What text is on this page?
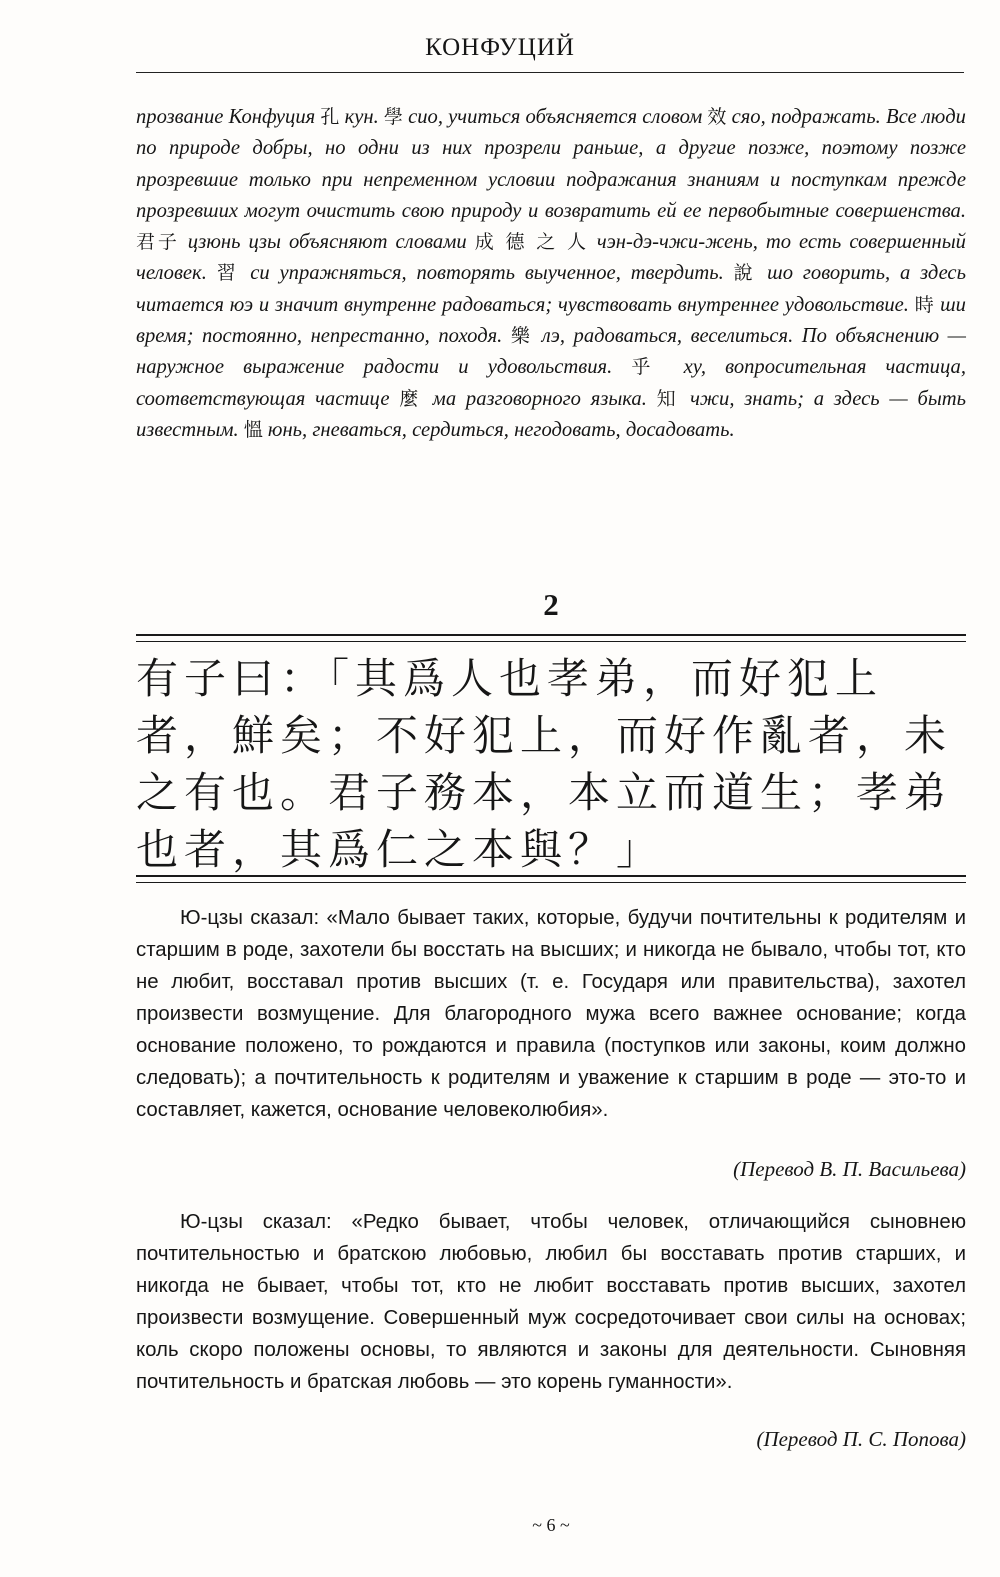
КОНФУЦИЙ
прозвание Конфуция 孔 кун. 學 сио, учиться объясняется словом 效 сяо, подражать. Все люди по природе добры, но одни из них прозрели раньше, а другие позже, поэтому позже прозревшие только при непременном условии подражания знаниям и поступкам прежде прозревших могут очистить свою природу и возвратить ей ее первобытные совершенства. 君子 цзюнь цзы объясняют словами 成 德 之 人 чэн-дэ-чжи-жень, то есть совершенный человек. 習 си упражняться, повторять выученное, твердить. 說 шо говорить, а здесь читается юэ и значит внутренне радоваться; чувствовать внутреннее удовольствие. 時 ши время; постоянно, непрестанно, походя. 樂 лэ, радоваться, веселиться. По объяснению — наружное выражение радости и удовольствия. 乎 ху, вопросительная частица, соответствующая частице 麼 ма разговорного языка. 知 чжи, знать; а здесь — быть известным. 慍 юнь, гневаться, сердиться, негодовать, досадовать.
2
有子曰：「其爲人也孝弟，而好犯上者，鮮矣；不好犯上，而好作亂者，未之有也。君子務本，本立而道生；孝弟也者，其爲仁之本與？」

Ю-цзы сказал: «Мало бывает таких, которые, будучи почтительны к родителям и старшим в роде, захотели бы восстать на высших; и никогда не бывало, чтобы тот, кто не любит, восставал против высших (т. е. Государя или правительства), захотел произвести возмущение. Для благородного мужа всего важнее основание; когда основание положено, то рождаются и правила (поступков или законы, коим должно следовать); а почтительность к родителям и уважение к старшим в роде — это-то и составляет, кажется, основание человеколюбия».

(Перевод В. П. Васильева)

Ю-цзы сказал: «Редко бывает, чтобы человек, отличающийся сыновнею почтительностью и братскою любовью, любил бы восставать против старших, и никогда не бывает, чтобы тот, кто не любит восставать против высших, захотел произвести возмущение. Совершенный муж сосредоточивает свои силы на основах; коль скоро положены основы, то являются и законы для деятельности. Сыновняя почтительность и братская любовь — это корень гуманности».

(Перевод П. С. Попова)
~ 6 ~
